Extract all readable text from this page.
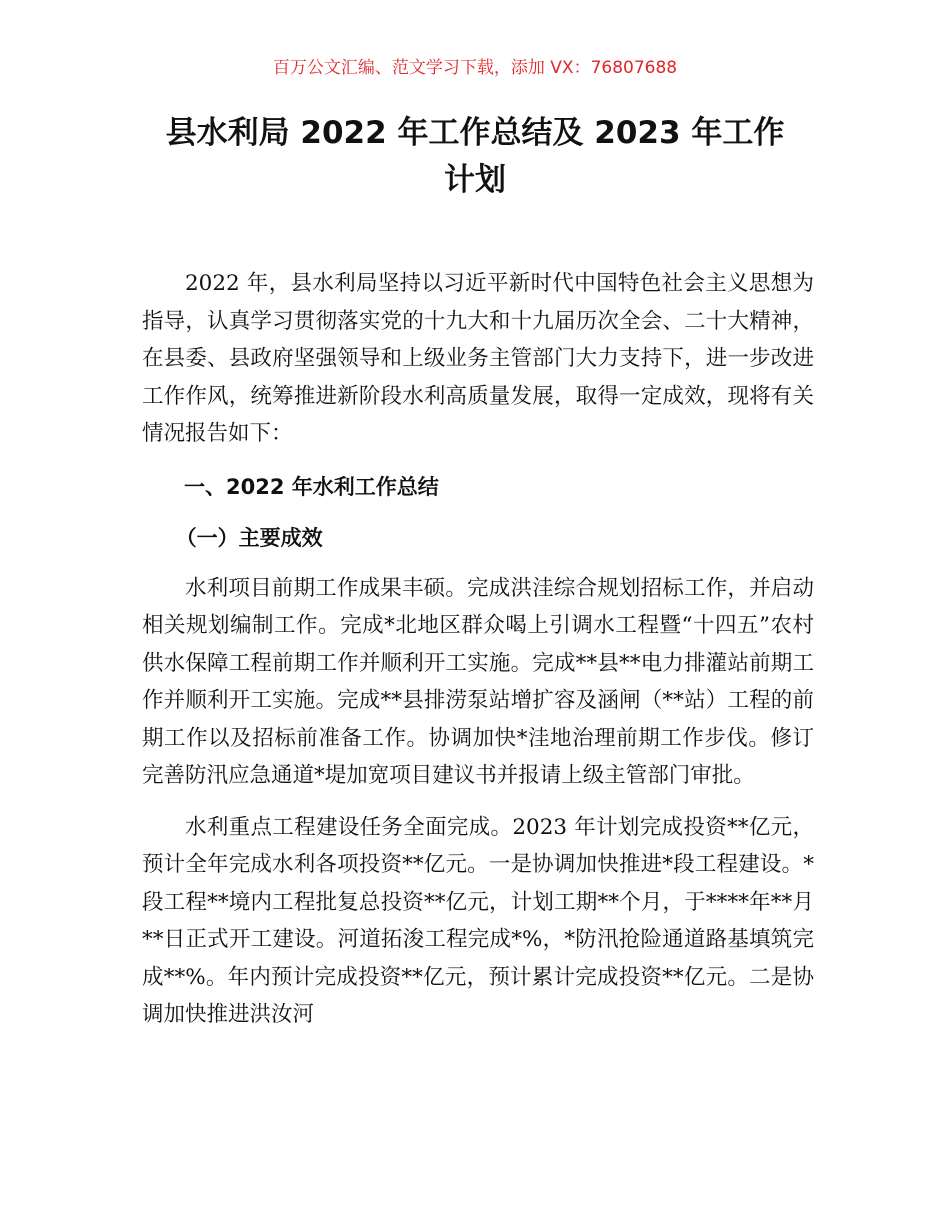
百万公文汇编、范文学习下载，添加 VX：76807688
县水利局 2022 年工作总结及 2023 年工作
计划

2022 年，县水利局坚持以习近平新时代中国特色社会主义思想为指导，认真学习贯彻落实党的十九大和十九届历次全会、二十大精神，在县委、县政府坚强领导和上级业务主管部门大力支持下，进一步改进工作作风，统筹推进新阶段水利高质量发展，取得一定成效，现将有关情况报告如下：

一、2022 年水利工作总结
（一）主要成效

水利项目前期工作成果丰硕。完成洪洼综合规划招标工作，并启动相关规划编制工作。完成*北地区群众喝上引调水工程暨“十四五”农村供水保障工程前期工作并顺利开工实施。完成**县**电力排灌站前期工作并顺利开工实施。完成**县排涝泵站增扩容及涵闸（**站）工程的前期工作以及招标前准备工作。协调加快*洼地治理前期工作步伐。修订完善防汛应急通道*堤加宽项目建议书并报请上级主管部门审批。

水利重点工程建设任务全面完成。2023 年计划完成投资**亿元，预计全年完成水利各项投资**亿元。一是协调加快推进*段工程建设。*段工程**境内工程批复总投资**亿元，计划工期**个月，于****年**月**日正式开工建设。河道拓浚工程完成*%，*防汛抢险通道路基填筑完成**%。年内预计完成投资**亿元，预计累计完成投资**亿元。二是协调加快推进洪汝河
